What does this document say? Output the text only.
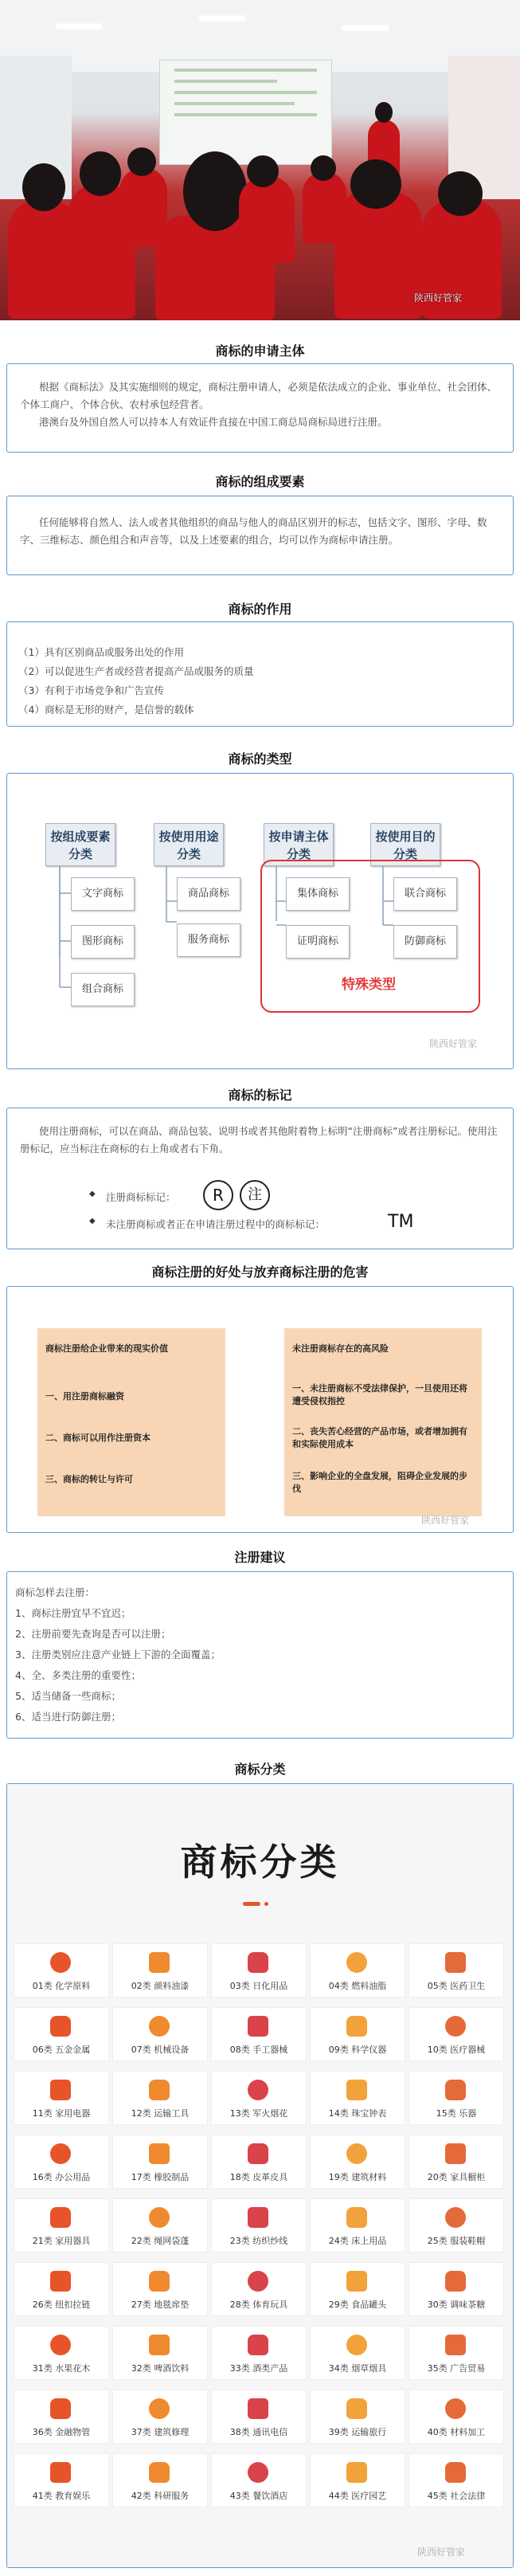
陕西好管家
商标的申请主体
根据《商标法》及其实施细则的规定，商标注册申请人，必须是依法成立的企业、事业单位、社会团体、个体工商户、个体合伙、农村承包经营者。
港澳台及外国自然人可以持本人有效证件直接在中国工商总局商标局进行注册。
商标的组成要素
任何能够将自然人、法人或者其他组织的商品与他人的商品区别开的标志，包括文字、图形、字母、数字、三维标志、颜色组合和声音等，以及上述要素的组合，均可以作为商标申请注册。
商标的作用
（1）具有区别商品或服务出处的作用
（2）可以促进生产者或经营者提高产品或服务的质量
（3）有利于市场竞争和广告宣传
（4）商标是无形的财产，是信誉的载体
商标的类型
按组成要素分类
按使用用途分类
按申请主体分类
按使用目的分类
文字商标
图形商标
组合商标
商品商标
服务商标
集体商标
证明商标
联合商标
防御商标
特殊类型
陕西好管家
商标的标记
使用注册商标，可以在商品、商品包装、说明书或者其他附着物上标明“注册商标”或者注册标记。使用注册标记，应当标注在商标的右上角或者右下角。
◆ 注册商标标记：	R	注
◆ 未注册商标或者正在申请注册过程中的商标标记：	TM
商标注册的好处与放弃商标注册的危害
商标注册给企业带来的现实价值
一、用注册商标融资
二、商标可以用作注册资本
三、商标的转让与许可
未注册商标存在的高风险
一、未注册商标不受法律保护，一旦使用还将遭受侵权指控
二、丧失苦心经营的产品市场，或者增加拥有和实际使用成本
三、影响企业的全盘发展，阻碍企业发展的步伐
陕西好管家
注册建议
商标怎样去注册：
1、商标注册宜早不宜迟；
2、注册前要先查询是否可以注册；
3、注册类别应注意产业链上下游的全面覆盖；
4、全、多类注册的重要性；
5、适当储备一些商标；
6、适当进行防御注册；
商标分类
商标分类
01类 化学原料	02类 颜料油漆	03类 日化用品	04类 燃料油脂	05类 医药卫生
06类 五金金属	07类 机械设备	08类 手工器械	09类 科学仪器	10类 医疗器械
11类 家用电器	12类 运输工具	13类 军火烟花	14类 珠宝钟表	15类 乐器
16类 办公用品	17类 橡胶制品	18类 皮革皮具	19类 建筑材料	20类 家具橱柜
21类 家用器具	22类 绳网袋蓬	23类 纺织纱线	24类 床上用品	25类 服装鞋帽
26类 纽扣拉链	27类 地毯席垫	28类 体育玩具	29类 食品罐头	30类 调味茶糖
31类 水果花木	32类 啤酒饮料	33类 酒类产品	34类 烟草烟具	35类 广告贸易
36类 金融物管	37类 建筑修理	38类 通讯电信	39类 运输旅行	40类 材料加工
41类 教育娱乐	42类 科研服务	43类 餐饮酒店	44类 医疗园艺	45类 社会法律
陕西好管家
